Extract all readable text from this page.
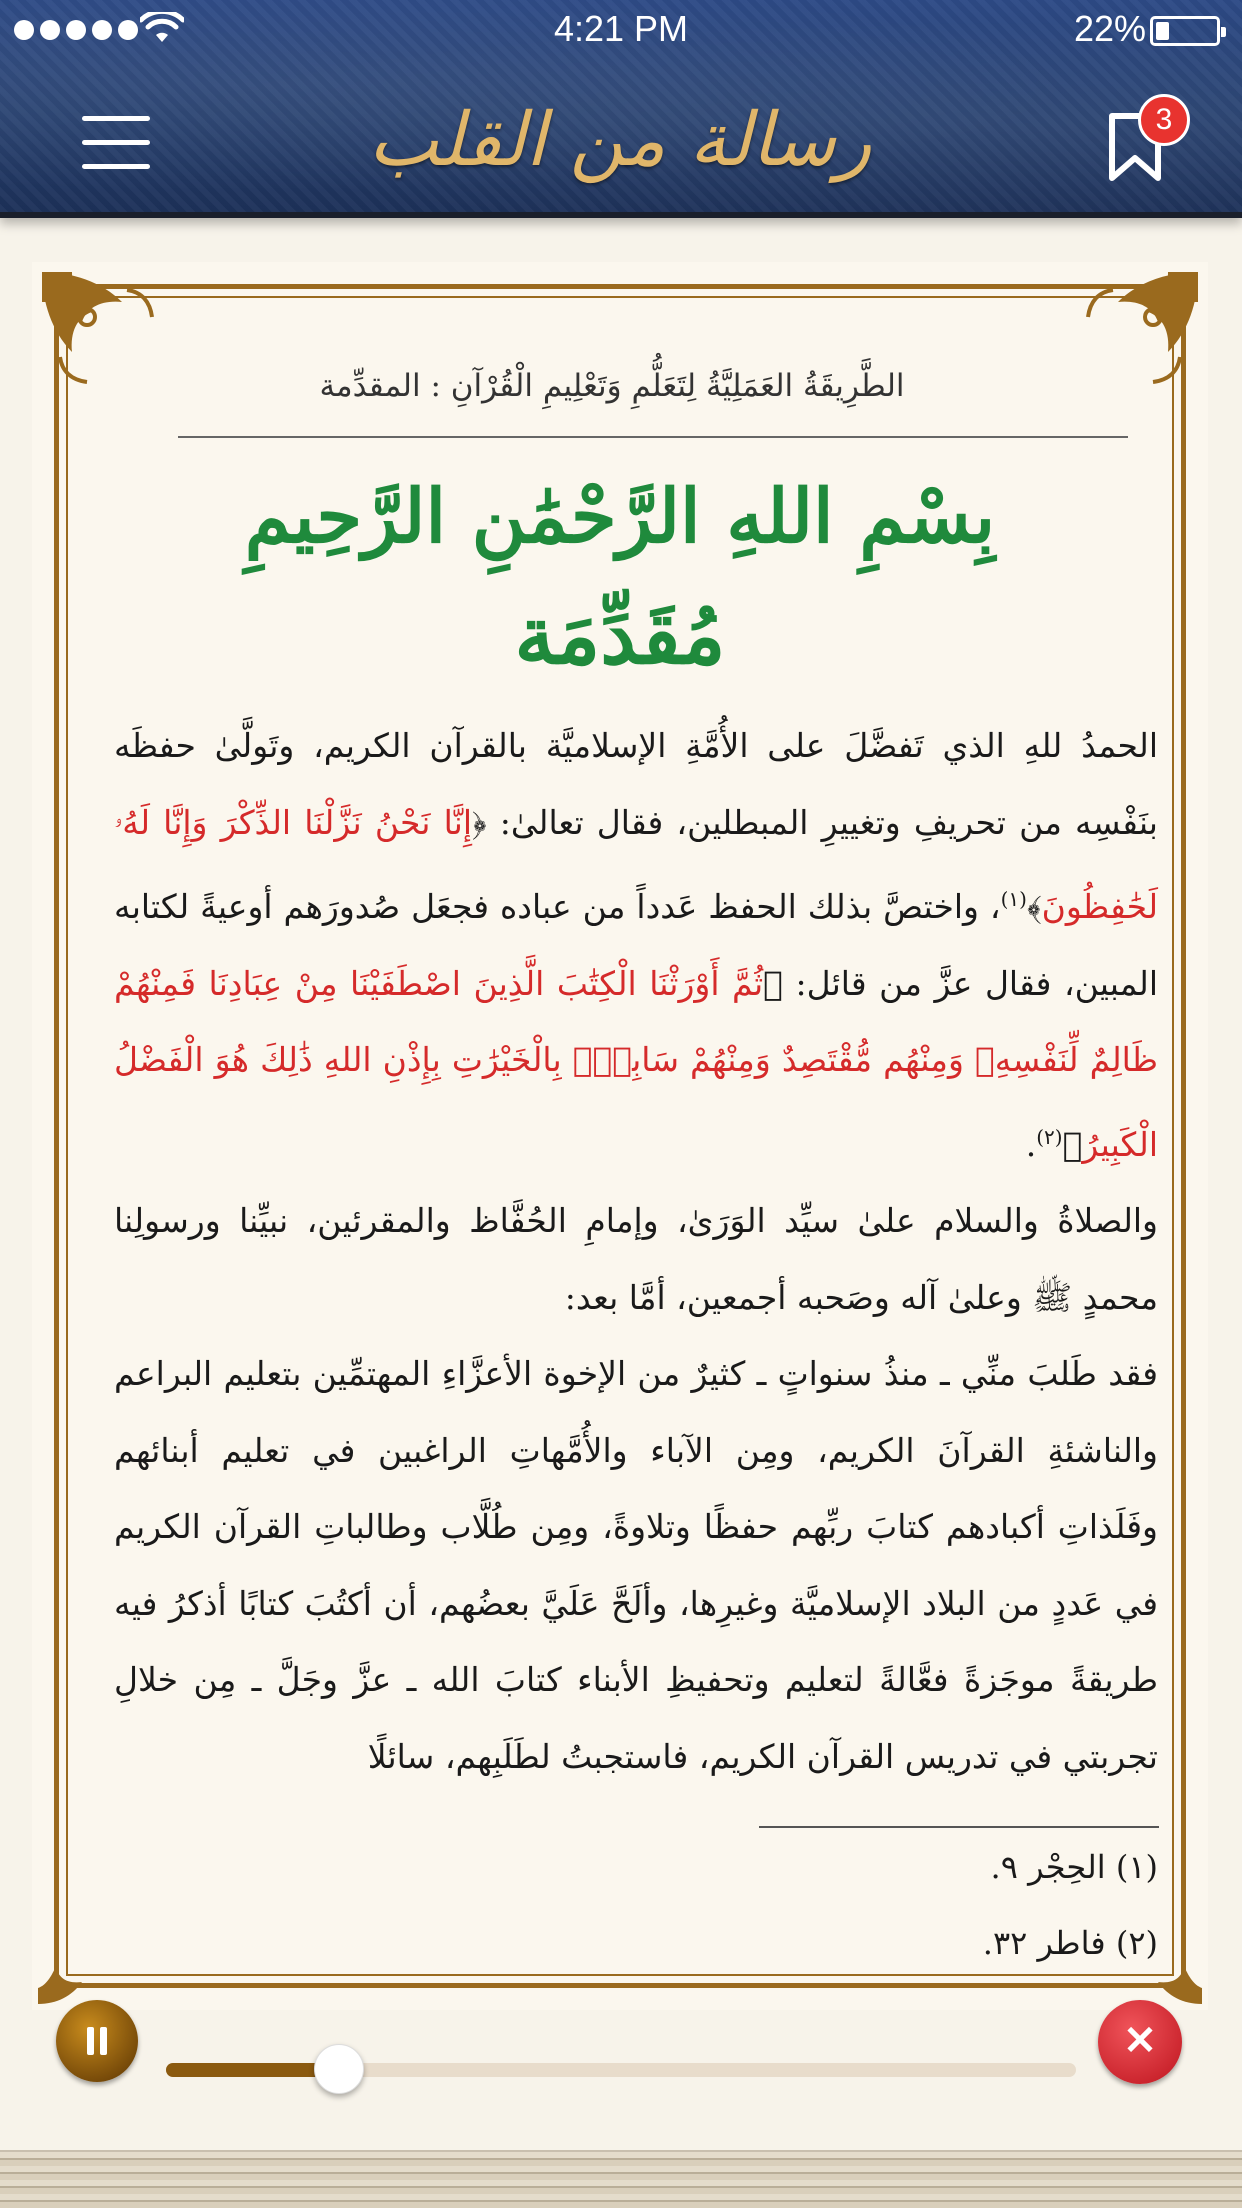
4:21 PM	22%
رسالة من القلب	3
الطَّرِيقَةُ العَمَلِيَّةُ لِتَعَلُّمِ وَتَعْلِيمِ الْقُرْآنِ : المقدِّمة
بِسْمِ اللهِ الرَّحْمَٰنِ الرَّحِيمِ
مُقَدِّمَة

الحمدُ للهِ الذي تَفضَّلَ على الأُمَّةِ الإسلاميَّة بالقرآن الكريم، وتَولَّىٰ حفظَه بنَفْسِه من تحريفِ وتغييرِ المبطلين، فقال تعالىٰ: ﴿إِنَّا نَحْنُ نَزَّلْنَا الذِّكْرَ وَإِنَّا لَهُۥ لَحَٰفِظُونَ﴾$^{(١)}$، واختصَّ بذلك الحفظ عَدداً من عباده فجعَل صُدورَهم أوعيةً لكتابه المبين، فقال عزَّ من قائل: ﴿ثُمَّ أَوْرَثْنَا الْكِتَٰبَ الَّذِينَ اصْطَفَيْنَا مِنْ عِبَادِنَا فَمِنْهُمْ ظَالِمٌ لِّنَفْسِهِۦ وَمِنْهُم مُّقْتَصِدٌ وَمِنْهُمْ سَابِقٌۢ بِالْخَيْرَٰتِ بِإِذْنِ اللهِ ذَٰلِكَ هُوَ الْفَضْلُ الْكَبِيرُ﴾$^{(٢)}$.

والصلاةُ والسلام علىٰ سيِّد الوَرَىٰ، وإمامِ الحُفَّاظ والمقرئين، نبيِّنا ورسولِنا محمدٍ ﷺ وعلىٰ آله وصَحبه أجمعين، أمَّا بعد:

فقد طَلبَ منِّي ـ منذُ سنواتٍ ـ كثيرٌ من الإخوة الأعزَّاءِ المهتمِّين بتعليم البراعم والناشئةِ القرآنَ الكريم، ومِن الآباء والأُمَّهاتِ الراغبين في تعليم أبنائهم وفَلَذاتِ أكبادهم كتابَ ربِّهم حفظًا وتلاوةً، ومِن طُلَّاب وطالباتِ القرآن الكريم في عَددٍ من البلاد الإسلاميَّة وغيرِها، وألَحَّ عَلَيَّ بعضُهم، أن أكتُبَ كتابًا أذكرُ فيه طريقةً موجَزةً فعَّالةً لتعليم وتحفيظِ الأبناء كتابَ الله ـ عزَّ وجَلَّ ـ مِن خلالِ تجربتي في تدريس القرآن الكريم، فاستجبتُ لطَلَبِهم، سائلًا

(١) الحِجْر ٩.
(٢) فاطر ٣٢.
✕
